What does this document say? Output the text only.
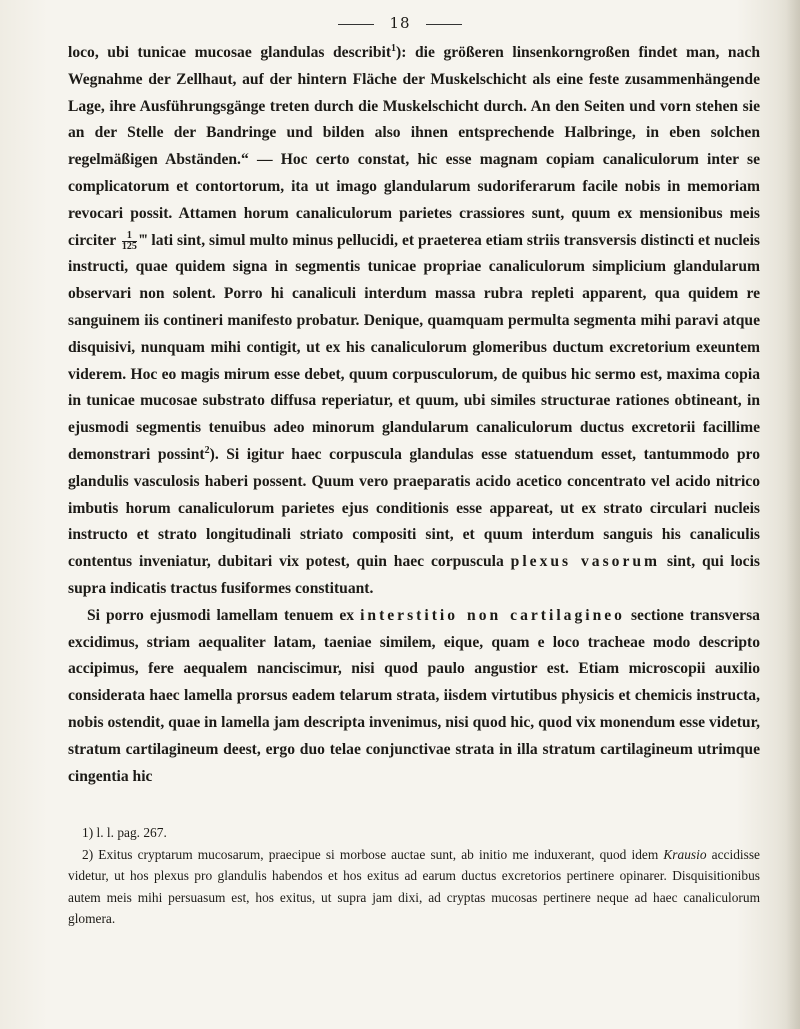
18

loco, ubi tunicae mucosae glandulas describit$^1$): die größeren linsenkorngroßen findet man, nach Wegnahme der Zellhaut, auf der hintern Fläche der Muskelschicht als eine feste zusammenhängende Lage, ihre Ausführungsgänge treten durch die Muskelschicht durch. An den Seiten und vorn stehen sie an der Stelle der Bandringe und bilden also ihnen entsprechende Halbringe, in eben solchen regelmäßigen Abständen.“ — Hoc certo constat, hic esse magnam copiam canaliculorum inter se complicatorum et contortorum, ita ut imago glandularum sudoriferarum facile nobis in memoriam revocari possit. Attamen horum canaliculorum parietes crassiores sunt, quum ex mensionibus meis circiter $\frac{1}{125}$ ‴ lati sint, simul multo minus pellucidi, et praeterea etiam striis transversis distincti et nucleis instructi, quae quidem signa in segmentis tunicae propriae canaliculorum simplicium glandularum observari non solent. Porro hi canaliculi interdum massa rubra repleti apparent, qua quidem re sanguinem iis contineri manifesto probatur. Denique, quamquam permulta segmenta mihi paravi atque disquisivi, nunquam mihi contigit, ut ex his canaliculorum glomeribus ductum excretorium exeuntem viderem. Hoc eo magis mirum esse debet, quum corpusculorum, de quibus hic sermo est, maxima copia in tunicae mucosae substrato diffusa reperiatur, et quum, ubi similes structurae rationes obtineant, in ejusmodi segmentis tenuibus adeo minorum glandularum canaliculorum ductus excretorii facillime demonstrari possint$^2$). Si igitur haec corpuscula glandulas esse statuendum esset, tantummodo pro glandulis vasculosis haberi possent. Quum vero praeparatis acido acetico concentrato vel acido nitrico imbutis horum canaliculorum parietes ejus conditionis esse appareat, ut ex strato circulari nucleis instructo et strato longitudinali striato compositi sint, et quum interdum sanguis his canaliculis contentus inveniatur, dubitari vix potest, quin haec corpuscula plexus vasorum sint, qui locis supra indicatis tractus fusiformes constituant.

Si porro ejusmodi lamellam tenuem ex interstitio non cartilagineo sectione transversa excidimus, striam aequaliter latam, taeniae similem, eique, quam e loco tracheae modo descripto accipimus, fere aequalem nanciscimur, nisi quod paulo angustior est. Etiam microscopii auxilio considerata haec lamella prorsus eadem telarum strata, iisdem virtutibus physicis et chemicis instructa, nobis ostendit, quae in lamella jam descripta invenimus, nisi quod hic, quod vix monendum esse videtur, stratum cartilagineum deest, ergo duo telae conjunctivae strata in illa stratum cartilagineum utrimque cingentia hic

1) l. l. pag. 267.

2) Exitus cryptarum mucosarum, praecipue si morbose auctae sunt, ab initio me induxerant, quod idem Krausio accidisse videtur, ut hos plexus pro glandulis habendos et hos exitus ad earum ductus excretorios pertinere opinarer. Disquisitionibus autem meis mihi persuasum est, hos exitus, ut supra jam dixi, ad cryptas mucosas pertinere neque ad haec canaliculorum glomera.
